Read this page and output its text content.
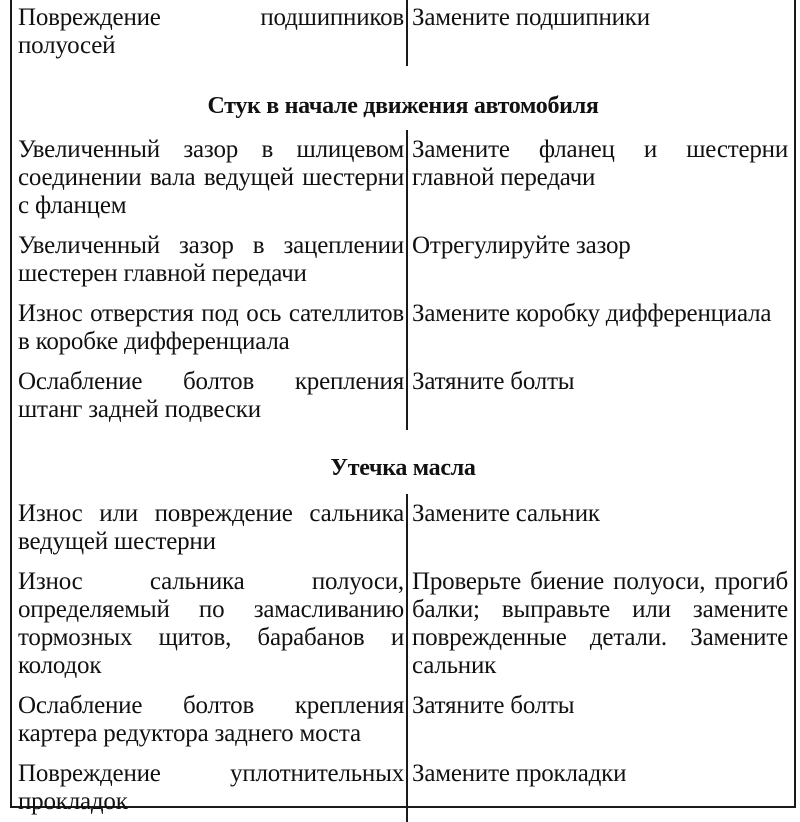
Повреждение подшипников полуосей
Замените подшипники
Стук в начале движения автомобиля
Увеличенный зазор в шлицевом соединении вала ведущей шестерни с фланцем
Замените фланец и шестерни главной передачи
Увеличенный зазор в зацеплении шестерен главной передачи
Отрегулируйте зазор
Износ отверстия под ось сателлитов в коробке дифференциала
Замените коробку дифференциала
Ослабление болтов крепления штанг задней подвески
Затяните болты
Утечка масла
Износ или повреждение сальника ведущей шестерни
Замените сальник
Износ сальника полуоси, определяемый по замасливанию тормозных щитов, барабанов и колодок
Проверьте биение полуоси, прогиб балки; выправьте или замените поврежденные детали. Замените сальник
Ослабление болтов крепления картера редуктора заднего моста
Затяните болты
Повреждение уплотнительных прокладок
Замените прокладки
